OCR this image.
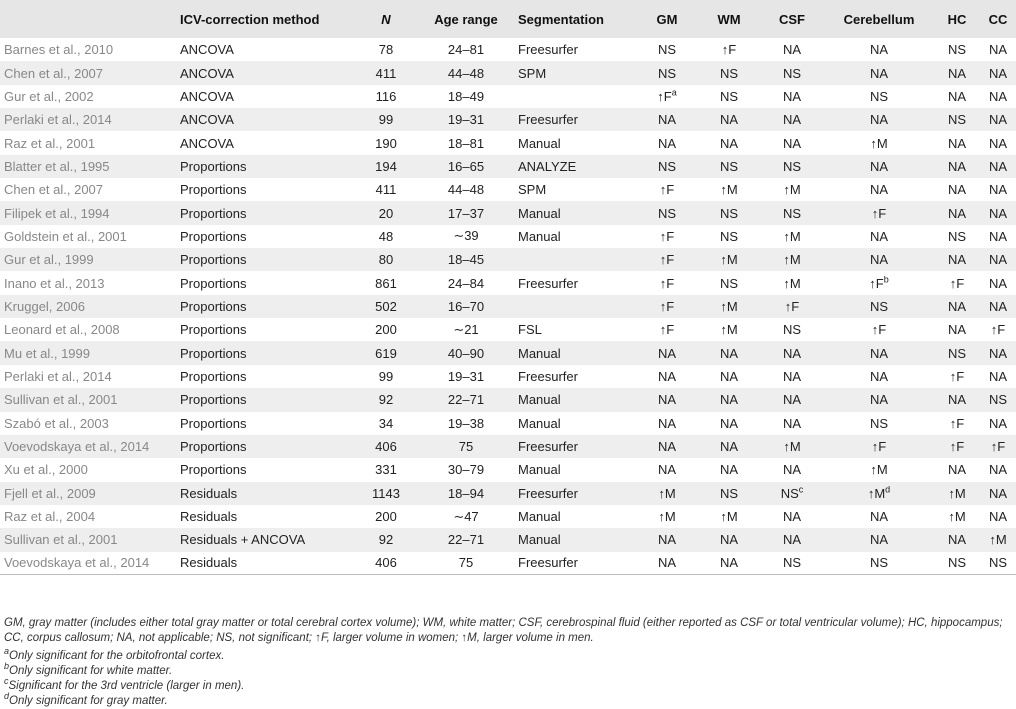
	ICV-correction method	N	Age range	Segmentation	GM	WM	CSF	Cerebellum	HC	CC
Barnes et al., 2010	ANCOVA	78	24–81	Freesurfer	NS	↑F	NA	NA	NS	NA
Chen et al., 2007	ANCOVA	411	44–48	SPM	NS	NS	NS	NA	NA	NA
Gur et al., 2002	ANCOVA	116	18–49		$↑F^a$	NS	NA	NS	NA	NA
Perlaki et al., 2014	ANCOVA	99	19–31	Freesurfer	NA	NA	NA	NA	NS	NA
Raz et al., 2001	ANCOVA	190	18–81	Manual	NA	NA	NA	↑M	NA	NA
Blatter et al., 1995	Proportions	194	16–65	ANALYZE	NS	NS	NS	NA	NA	NA
Chen et al., 2007	Proportions	411	44–48	SPM	↑F	↑M	↑M	NA	NA	NA
Filipek et al., 1994	Proportions	20	17–37	Manual	NS	NS	NS	↑F	NA	NA
Goldstein et al., 2001	Proportions	48	∼39	Manual	↑F	NS	↑M	NA	NS	NA
Gur et al., 1999	Proportions	80	18–45		↑F	↑M	↑M	NA	NA	NA
Inano et al., 2013	Proportions	861	24–84	Freesurfer	↑F	NS	↑M	$↑F^b$	↑F	NA
Kruggel, 2006	Proportions	502	16–70		↑F	↑M	↑F	NS	NA	NA
Leonard et al., 2008	Proportions	200	∼21	FSL	↑F	↑M	NS	↑F	NA	↑F
Mu et al., 1999	Proportions	619	40–90	Manual	NA	NA	NA	NA	NS	NA
Perlaki et al., 2014	Proportions	99	19–31	Freesurfer	NA	NA	NA	NA	↑F	NA
Sullivan et al., 2001	Proportions	92	22–71	Manual	NA	NA	NA	NA	NA	NS
Szabó et al., 2003	Proportions	34	19–38	Manual	NA	NA	NA	NS	↑F	NA
Voevodskaya et al., 2014	Proportions	406	75	Freesurfer	NA	NA	↑M	↑F	↑F	↑F
Xu et al., 2000	Proportions	331	30–79	Manual	NA	NA	NA	↑M	NA	NA
Fjell et al., 2009	Residuals	1143	18–94	Freesurfer	↑M	NS	$NS^c$	$↑M^d$	↑M	NA
Raz et al., 2004	Residuals	200	∼47	Manual	↑M	↑M	NA	NA	↑M	NA
Sullivan et al., 2001	Residuals + ANCOVA	92	22–71	Manual	NA	NA	NA	NA	NA	↑M
Voevodskaya et al., 2014	Residuals	406	75	Freesurfer	NA	NA	NS	NS	NS	NS

GM, gray matter (includes either total gray matter or total cerebral cortex volume); WM, white matter; CSF, cerebrospinal fluid (either reported as CSF or total ventricular volume); HC, hippocampus; CC, corpus callosum; NA, not applicable; NS, not significant; ↑F, larger volume in women; ↑M, larger volume in men.

$^a$Only significant for the orbitofrontal cortex.

$^b$Only significant for white matter.

$^c$Significant for the 3rd ventricle (larger in men).

$^d$Only significant for gray matter.
